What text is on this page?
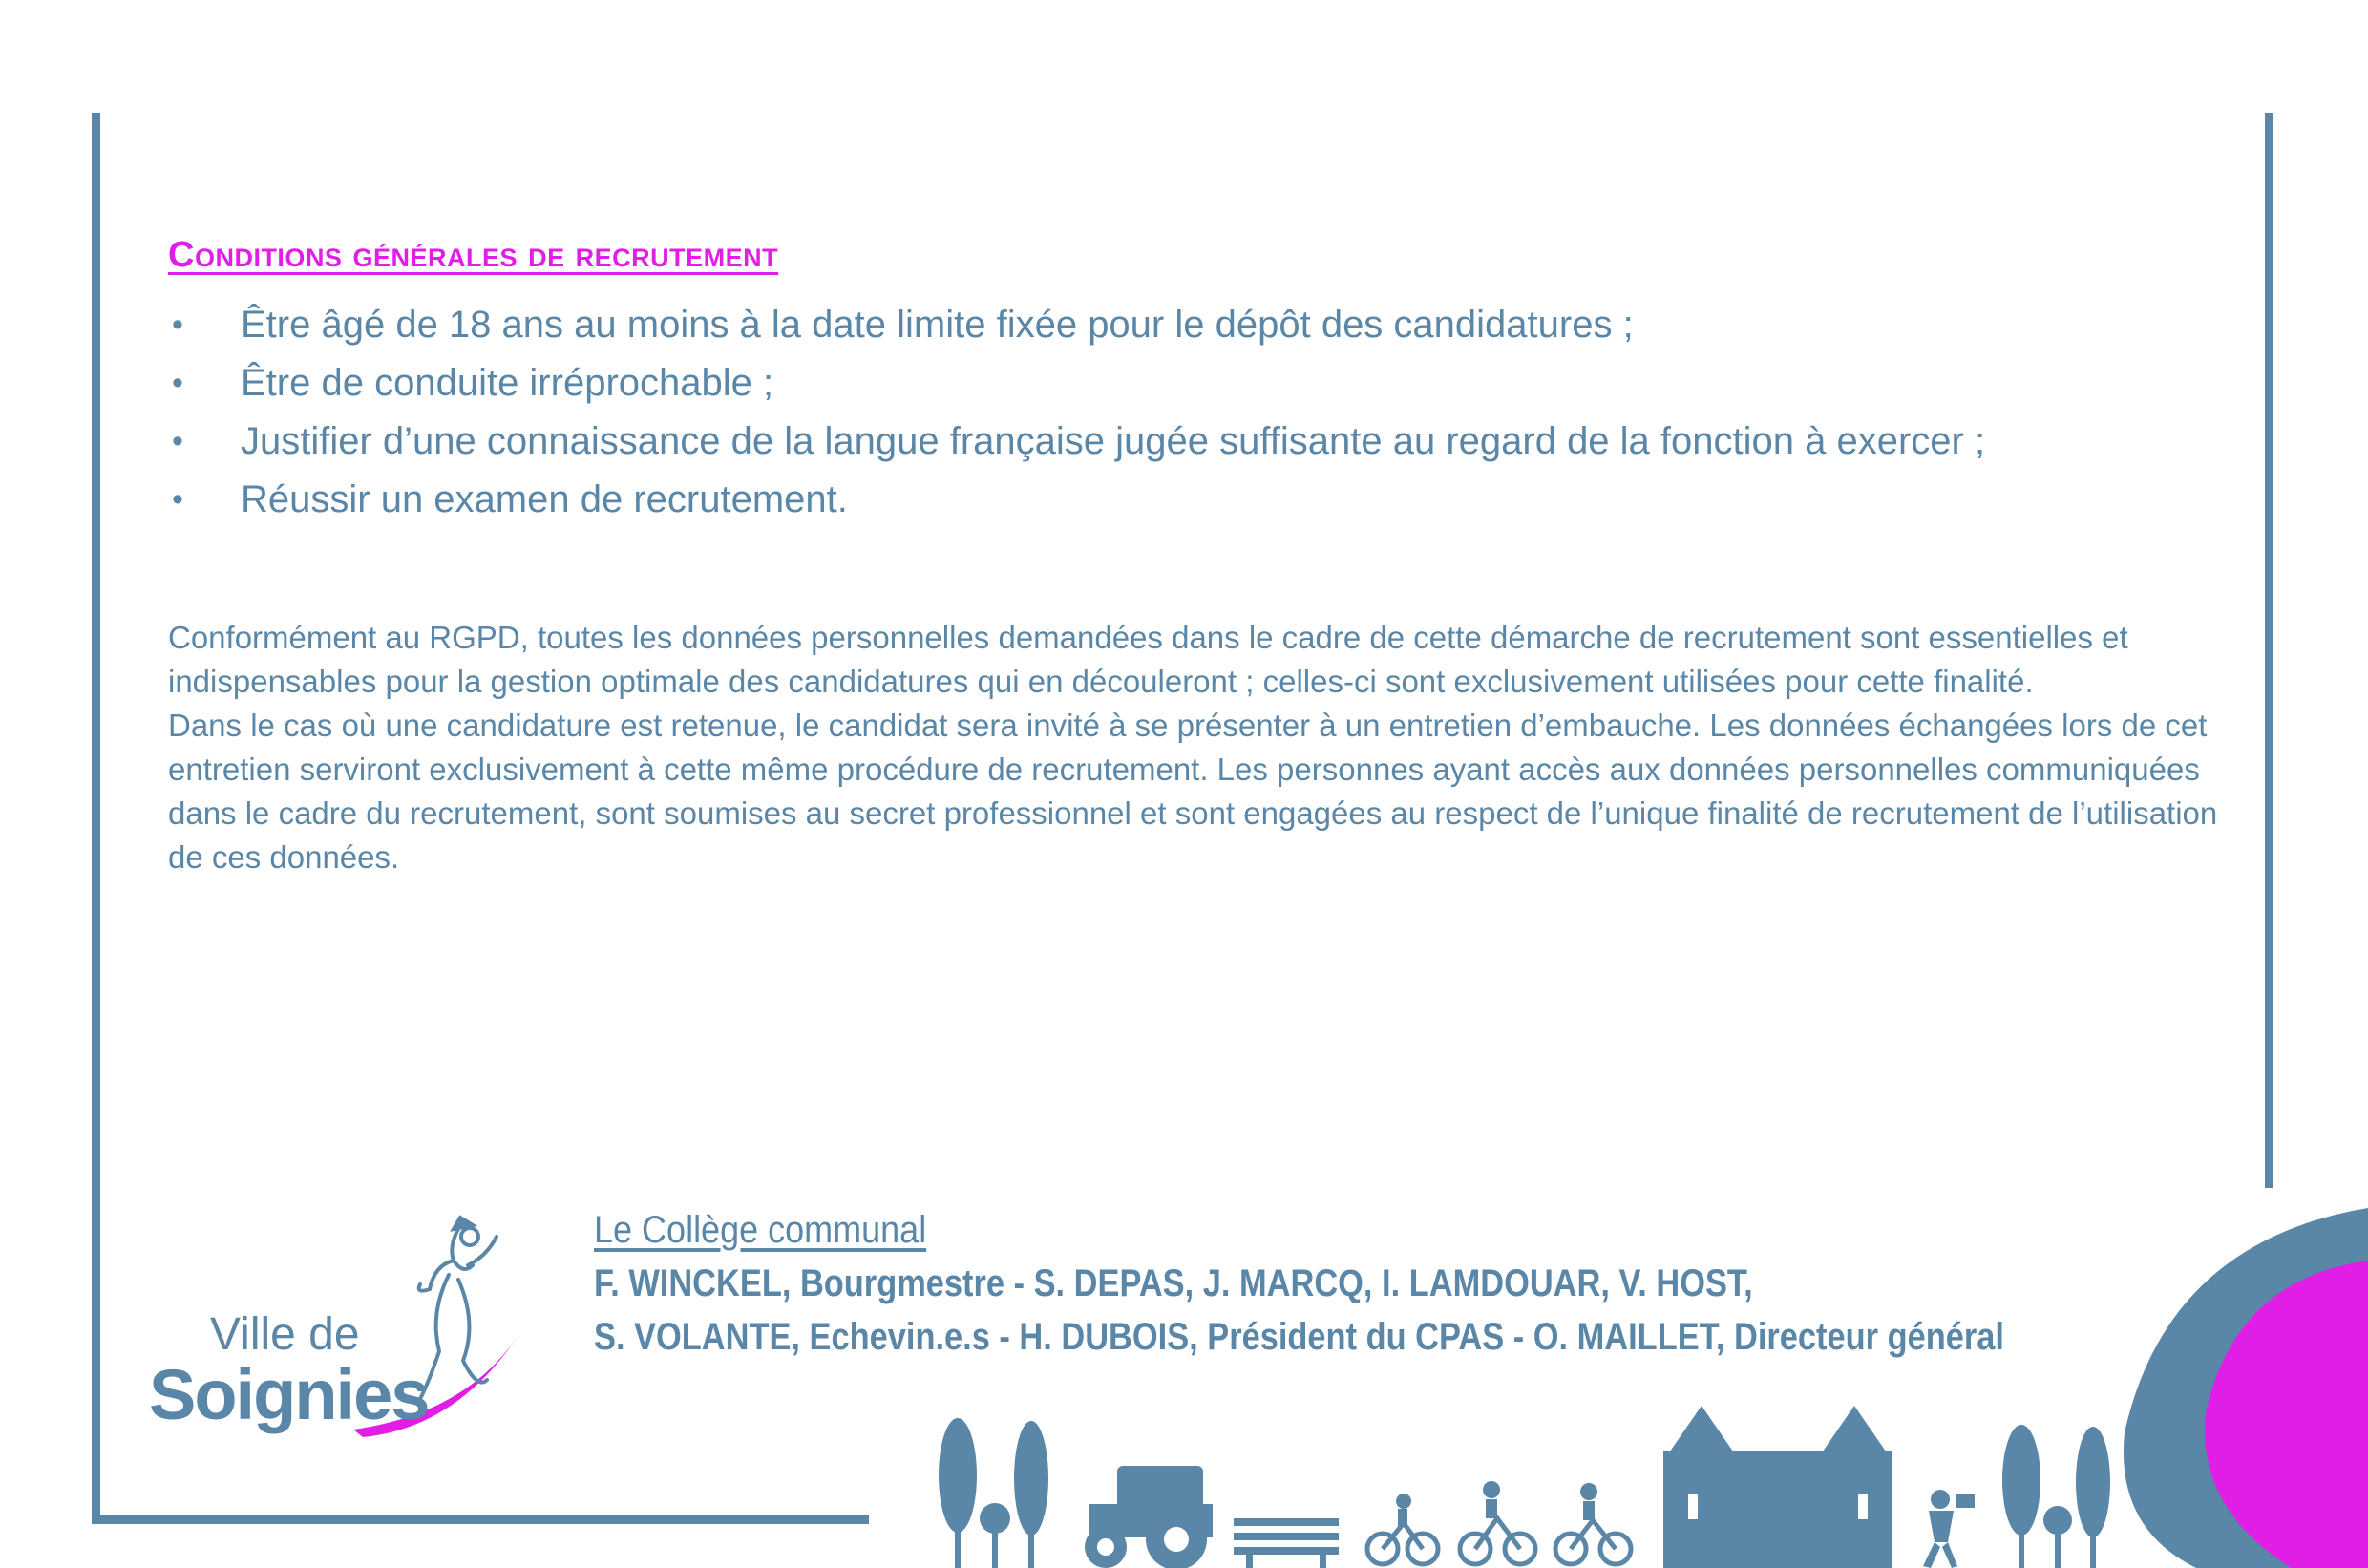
Conditions générales de recrutement
• Être âgé de 18 ans au moins à la date limite fixée pour le dépôt des candidatures ;
• Être de conduite irréprochable ;
• Justifier d’une connaissance de la langue française jugée suffisante au regard de la fonction à exercer ;
• Réussir un examen de recrutement.

Conformément au RGPD, toutes les données personnelles demandées dans le cadre de cette démarche de recrutement sont essentielles et indispensables pour la gestion optimale des candidatures qui en découleront ; celles-ci sont exclusivement utilisées pour cette finalité.

Dans le cas où une candidature est retenue, le candidat sera invité à se présenter à un entretien d’embauche. Les données échangées lors de cet entretien serviront exclusivement à cette même procédure de recrutement. Les personnes ayant accès aux données personnelles communiquées dans le cadre du recrutement, sont soumises au secret professionnel et sont engagées au respect de l’unique finalité de recrutement de l’utilisation de ces données.

Ville de
Soignies
Le Collège communal
F. WINCKEL, Bourgmestre - S. DEPAS, J. MARCQ, I. LAMDOUAR, V. HOST,
S. VOLANTE, Echevin.e.s - H. DUBOIS, Président du CPAS - O. MAILLET, Directeur général
